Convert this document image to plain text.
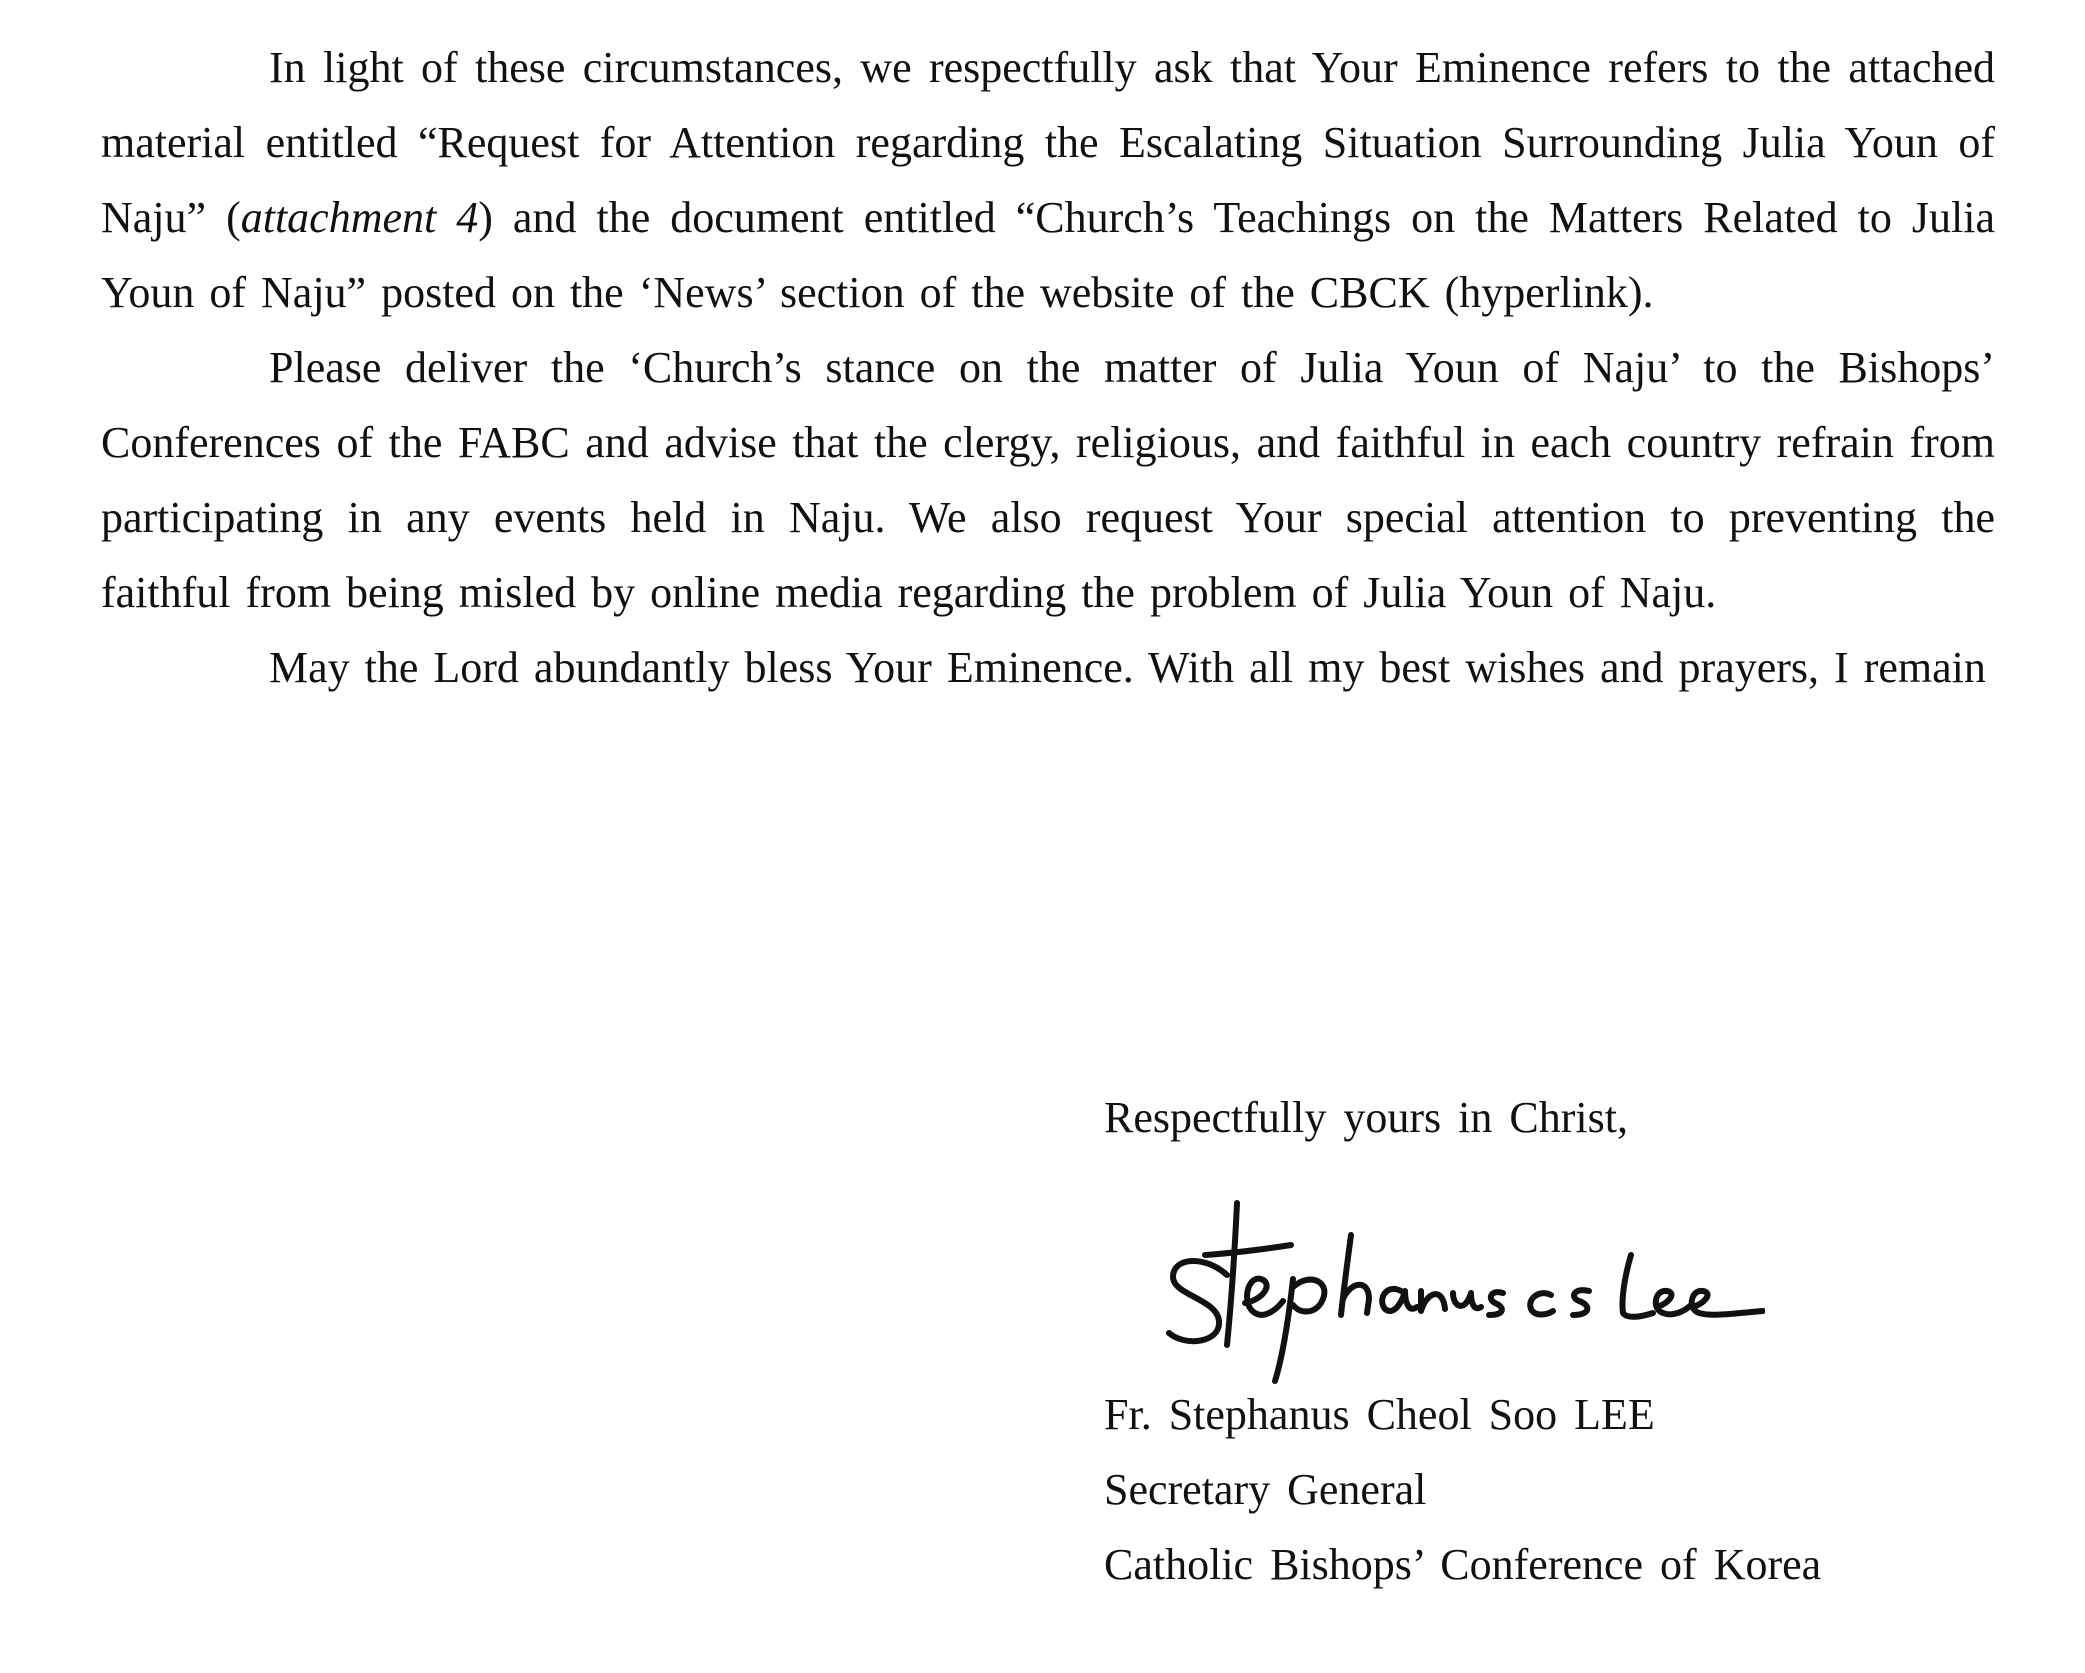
In light of these circumstances, we respectfully ask that Your Eminence refers to the attached material entitled “Request for Attention regarding the Escalating Situation Surrounding Julia Youn of Naju” (attachment 4) and the document entitled “Church’s Teachings on the Matters Related to Julia Youn of Naju” posted on the ‘News’ section of the website of the CBCK (hyperlink).

Please deliver the ‘Church’s stance on the matter of Julia Youn of Naju’ to the Bishops’ Conferences of the FABC and advise that the clergy, religious, and faithful in each country refrain from participating in any events held in Naju. We also request Your special attention to preventing the faithful from being misled by online media regarding the problem of Julia Youn of Naju.

May the Lord abundantly bless Your Eminence. With all my best wishes and prayers, I remain

Respectfully yours in Christ,

Fr. Stephanus Cheol Soo LEE
Secretary General
Catholic Bishops’ Conference of Korea
